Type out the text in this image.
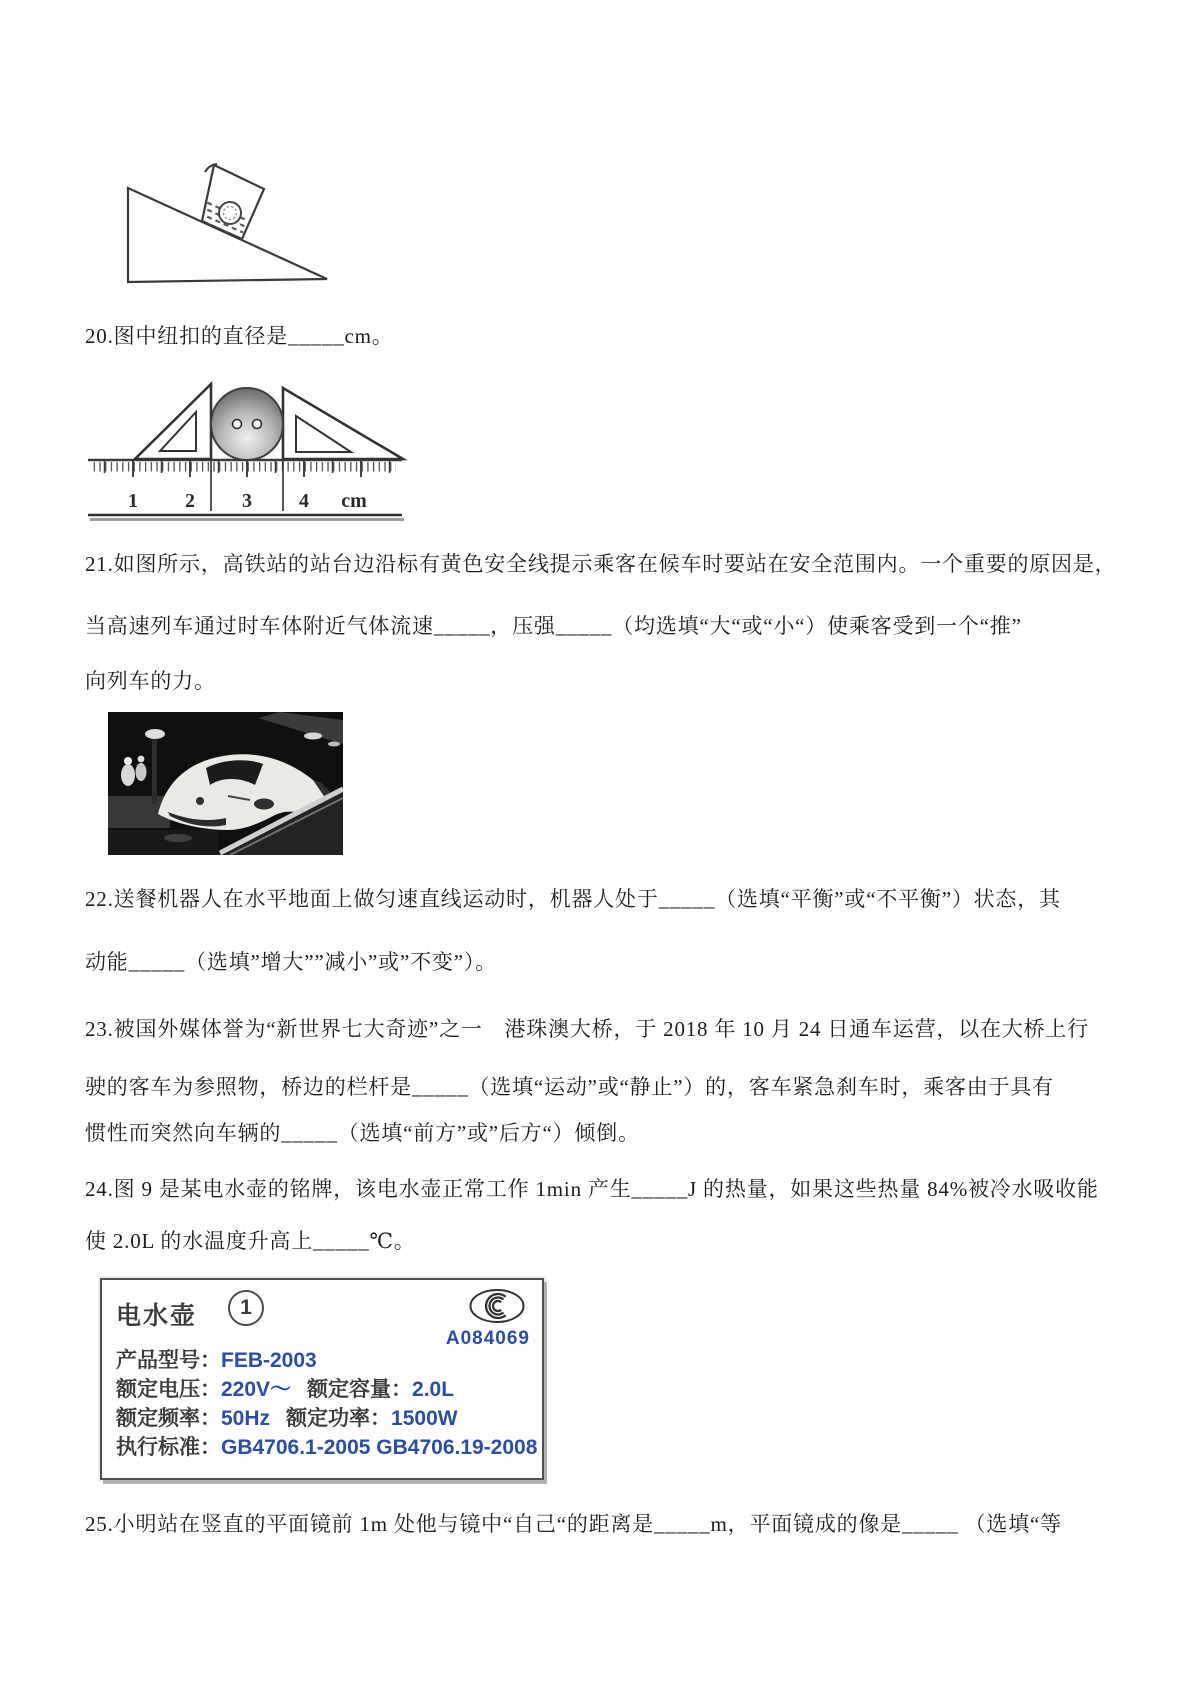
20.图中纽扣的直径是_____cm。
1 2 3 4 cm
21.如图所示，高铁站的站台边沿标有黄色安全线提示乘客在候车时要站在安全范围内。一个重要的原因是，
当高速列车通过时车体附近气体流速_____，压强_____（均选填“大“或“小“）使乘客受到一个“推”
向列车的力。
22.送餐机器人在水平地面上做匀速直线运动时，机器人处于_____（选填“平衡”或“不平衡”）状态，其
动能_____（选填”增大””减小”或”不变”）。
23.被国外媒体誉为“新世界七大奇迹”之一　港珠澳大桥，于 2018 年 10 月 24 日通车运营，以在大桥上行
驶的客车为参照物，桥边的栏杆是_____（选填“运动”或“静止”）的，客车紧急刹车时，乘客由于具有
惯性而突然向车辆的_____（选填“前方”或”后方“）倾倒。
24.图 9 是某电水壶的铭牌，该电水壶正常工作 1min 产生_____J 的热量，如果这些热量 84%被冷水吸收能
使 2.0L 的水温度升高上_____℃。
电水壶 1
A084069
产品型号：FEB-2003
额定电压：220V～ 额定容量：2.0L
额定频率：50Hz 额定功率：1500W
执行标准：GB4706.1-2005 GB4706.19-2008
25.小明站在竖直的平面镜前 1m 处他与镜中“自己“的距离是_____m，平面镜成的像是_____ （选填“等
